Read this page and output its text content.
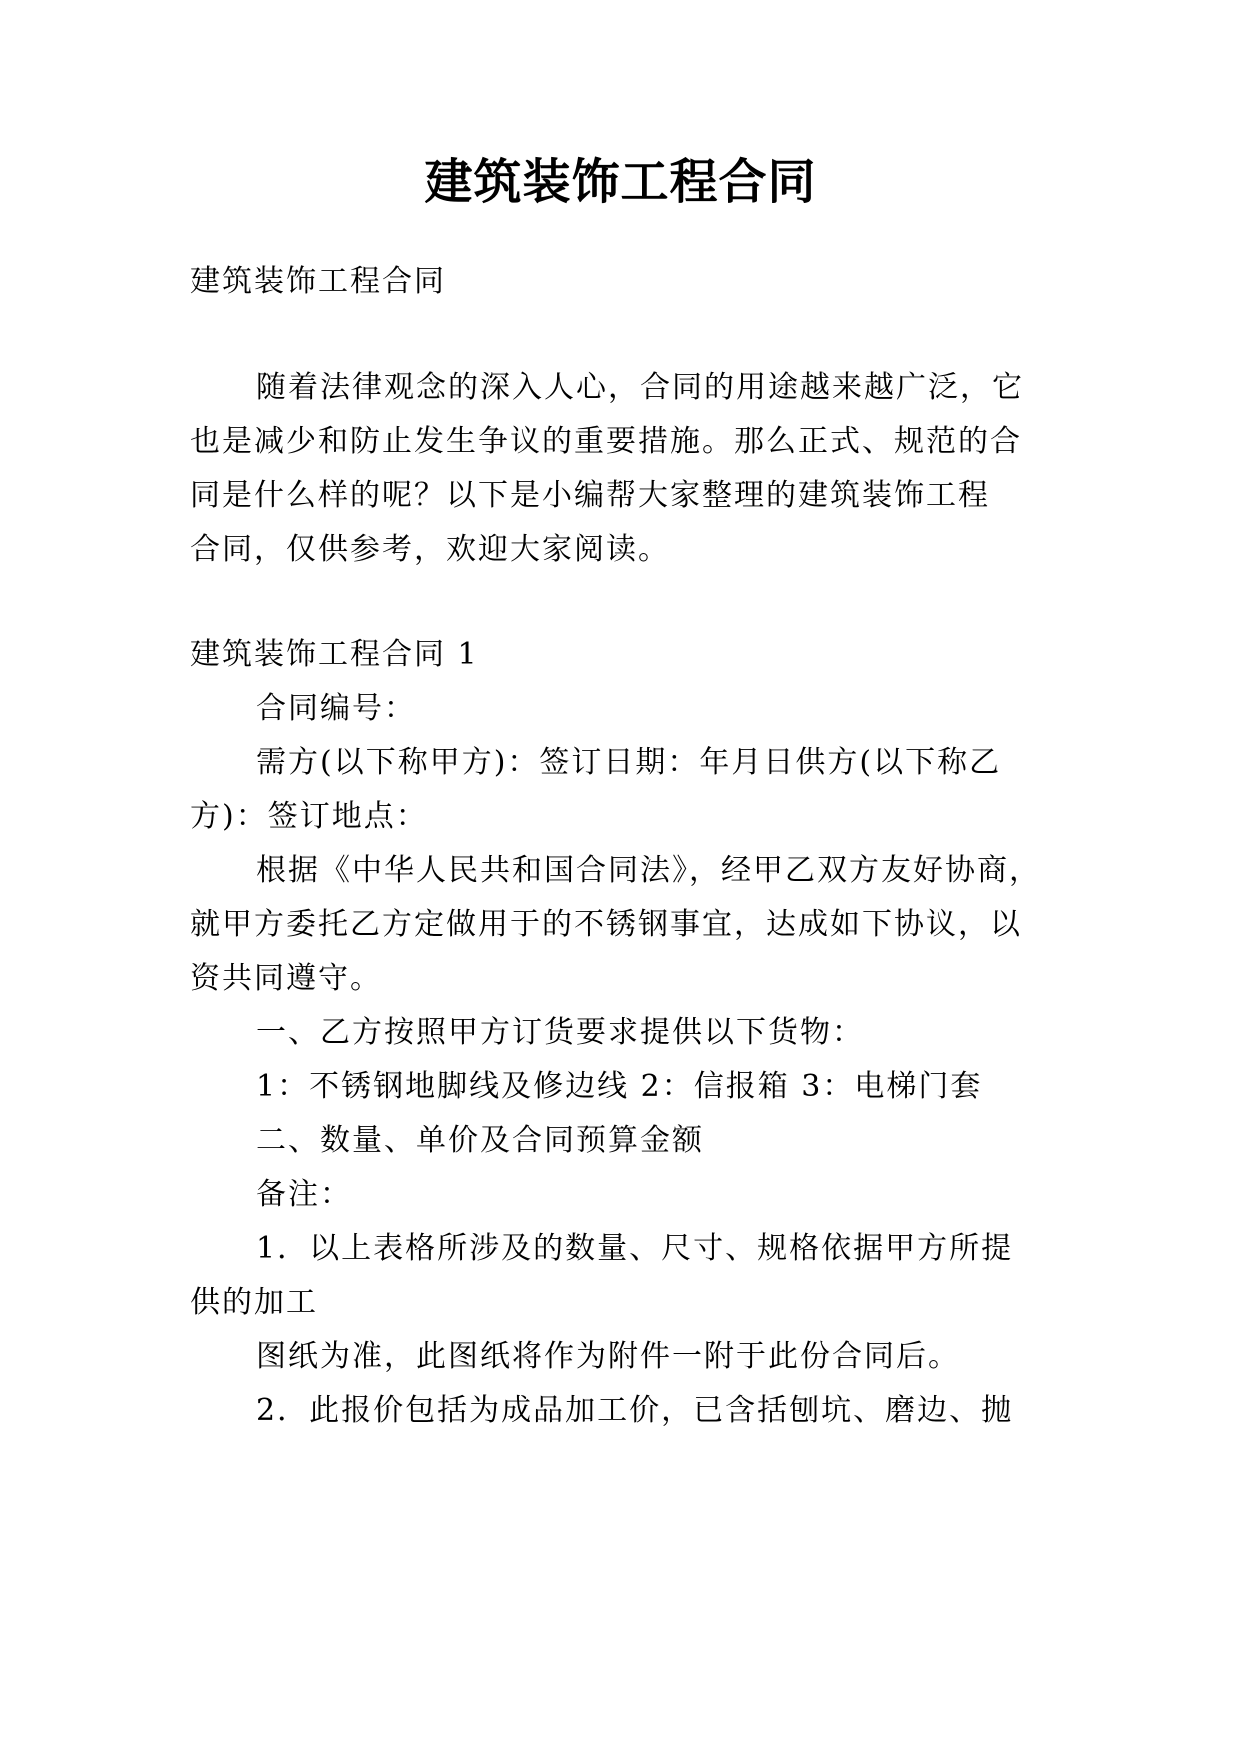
建筑装饰工程合同

建筑装饰工程合同

随着法律观念的深入人心，合同的用途越来越广泛，它

也是减少和防止发生争议的重要措施。那么正式、规范的合

同是什么样的呢？以下是小编帮大家整理的建筑装饰工程

合同，仅供参考，欢迎大家阅读。

建筑装饰工程合同 1

合同编号：

需方(以下称甲方)：签订日期：年月日供方(以下称乙

方)：签订地点：

根据《中华人民共和国合同法》，经甲乙双方友好协商，

就甲方委托乙方定做用于的不锈钢事宜，达成如下协议，以

资共同遵守。

一、乙方按照甲方订货要求提供以下货物：

1：不锈钢地脚线及修边线 2：信报箱 3：电梯门套

二、数量、单价及合同预算金额

备注：

1．以上表格所涉及的数量、尺寸、规格依据甲方所提

供的加工

图纸为准，此图纸将作为附件一附于此份合同后。

2．此报价包括为成品加工价，已含括刨坑、磨边、抛
